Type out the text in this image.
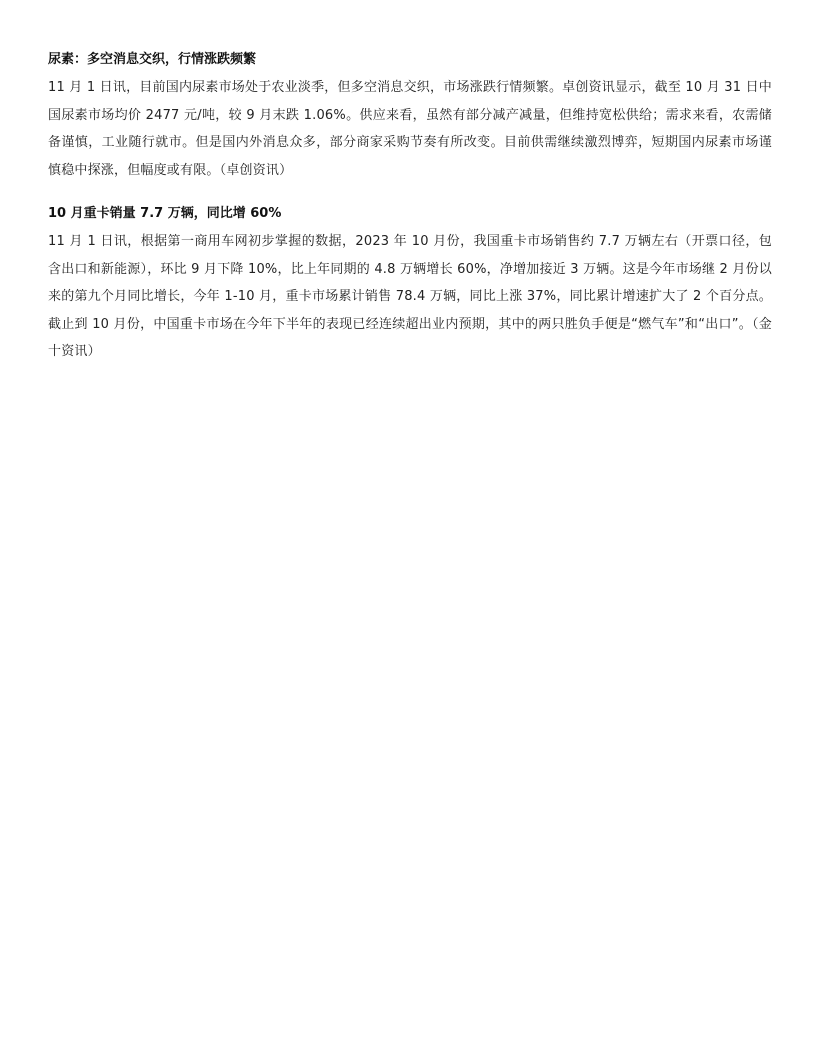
尿素：多空消息交织，行情涨跌频繁

11 月 1 日讯，目前国内尿素市场处于农业淡季，但多空消息交织，市场涨跌行情频繁。卓创资讯显示，截至 10 月 31 日中国尿素市场均价 2477 元/吨，较 9 月末跌 1.06%。供应来看，虽然有部分减产减量，但维持宽松供给；需求来看，农需储备谨慎，工业随行就市。但是国内外消息众多，部分商家采购节奏有所改变。目前供需继续激烈博弈，短期国内尿素市场谨慎稳中探涨，但幅度或有限。（卓创资讯）

10 月重卡销量 7.7 万辆，同比增 60%

11 月 1 日讯，根据第一商用车网初步掌握的数据，2023 年 10 月份，我国重卡市场销售约 7.7 万辆左右（开票口径，包含出口和新能源），环比 9 月下降 10%，比上年同期的 4.8 万辆增长 60%，净增加接近 3 万辆。这是今年市场继 2 月份以来的第九个月同比增长，今年 1-10 月，重卡市场累计销售 78.4 万辆，同比上涨 37%，同比累计增速扩大了 2 个百分点。截止到 10 月份，中国重卡市场在今年下半年的表现已经连续超出业内预期，其中的两只胜负手便是“燃气车”和“出口”。（金十资讯）
